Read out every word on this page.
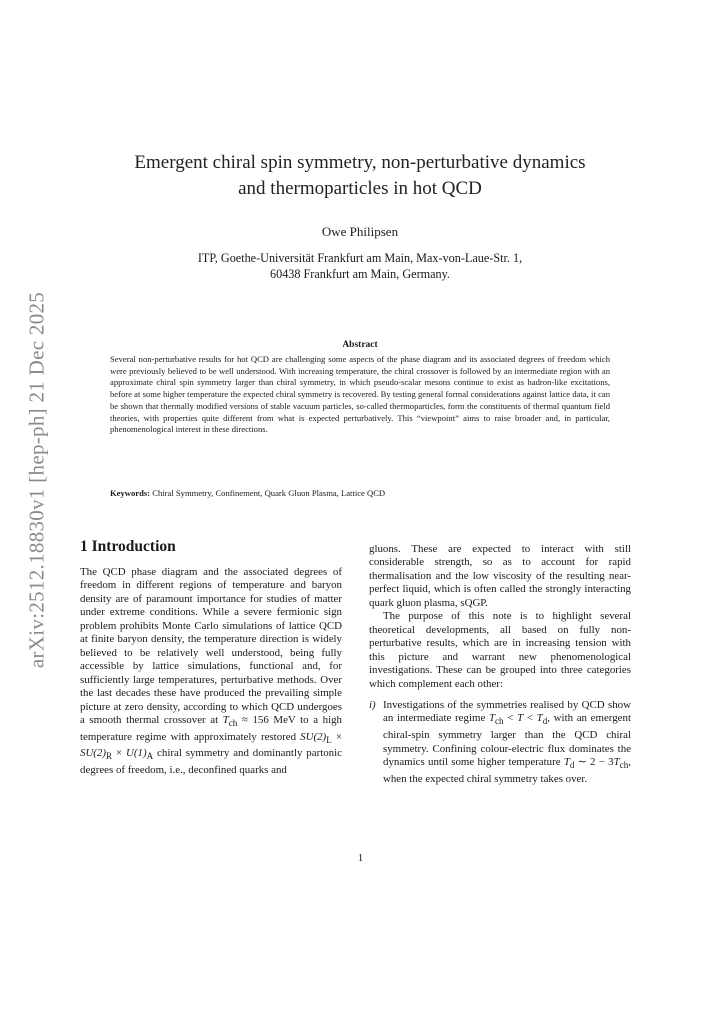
arXiv:2512.18830v1 [hep-ph] 21 Dec 2025
Emergent chiral spin symmetry, non-perturbative dynamics
and thermoparticles in hot QCD
Owe Philipsen
ITP, Goethe-Universität Frankfurt am Main, Max-von-Laue-Str. 1,
60438 Frankfurt am Main, Germany.
Abstract
Several non-perturbative results for hot QCD are challenging some aspects of the phase diagram and its associated degrees of freedom which were previously believed to be well understood. With increasing temperature, the chiral crossover is followed by an intermediate region with an approximate chiral spin symmetry larger than chiral symmetry, in which pseudo-scalar mesons continue to exist as hadron-like excitations, before at some higher temperature the expected chiral symmetry is recovered. By testing general formal considerations against lattice data, it can be shown that thermally modified versions of stable vacuum particles, so-called thermoparticles, form the constituents of thermal quantum field theories, with properties quite different from what is expected perturbatively. This “viewpoint” aims to raise broader and, in particular, phenomenological interest in these directions.
Keywords: Chiral Symmetry, Confinement, Quark Gluon Plasma, Lattice QCD
1 Introduction
The QCD phase diagram and the associated degrees of freedom in different regions of temperature and baryon density are of paramount importance for studies of matter under extreme conditions. While a severe fermionic sign problem prohibits Monte Carlo simulations of lattice QCD at finite baryon density, the temperature direction is widely believed to be relatively well understood, being fully accessible by lattice simulations, functional and, for sufficiently large temperatures, perturbative methods. Over the last decades these have produced the prevailing simple picture at zero density, according to which QCD undergoes a smooth thermal crossover at $T_{ch} \approx 156$ MeV to a high temperature regime with approximately restored $SU(2)_L \times SU(2)_R \times U(1)_A$ chiral symmetry and dominantly partonic degrees of freedom, i.e., deconfined quarks and

gluons. These are expected to interact with still considerable strength, so as to account for rapid thermalisation and the low viscosity of the resulting near-perfect liquid, which is often called the strongly interacting quark gluon plasma, sQGP.

The purpose of this note is to highlight several theoretical developments, all based on fully non-perturbative results, which are in increasing tension with this picture and warrant new phenomenological investigations. These can be grouped into three categories which complement each other:

i) Investigations of the symmetries realised by QCD show an intermediate regime $T_{ch} < T < T_d$, with an emergent chiral-spin symmetry larger than the QCD chiral symmetry. Confining colour-electric flux dominates the dynamics until some higher temperature $T_d$ ∼ $2 - 3T_{ch}$, when the expected chiral symmetry takes over.
1
